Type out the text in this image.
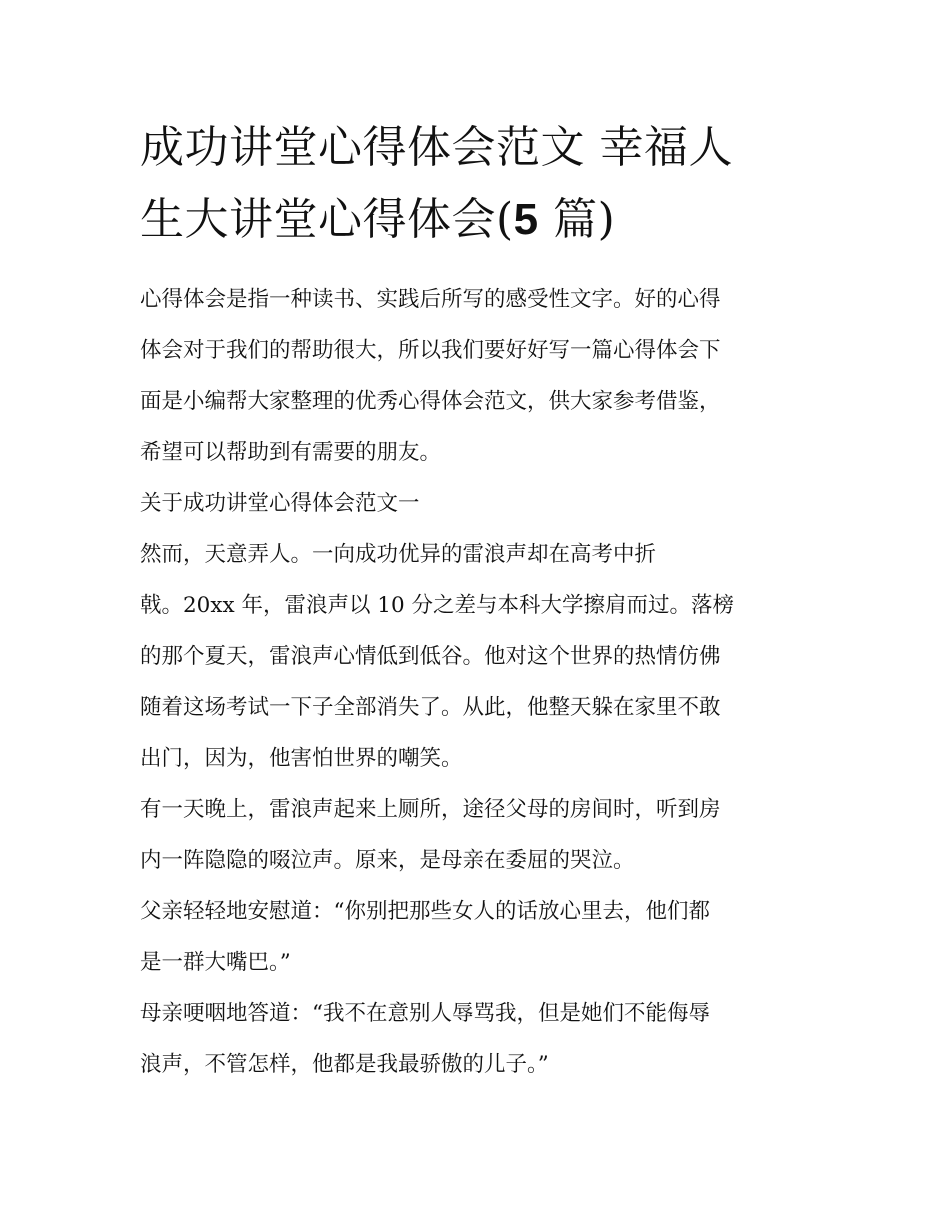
成功讲堂心得体会范文 幸福人
生大讲堂心得体会(5 篇)

心得体会是指一种读书、实践后所写的感受性文字。好的心得
体会对于我们的帮助很大，所以我们要好好写一篇心得体会下
面是小编帮大家整理的优秀心得体会范文，供大家参考借鉴，
希望可以帮助到有需要的朋友。

关于成功讲堂心得体会范文一

然而，天意弄人。一向成功优异的雷浪声却在高考中折
戟。20xx 年，雷浪声以 10 分之差与本科大学擦肩而过。落榜
的那个夏天，雷浪声心情低到低谷。他对这个世界的热情仿佛
随着这场考试一下子全部消失了。从此，他整天躲在家里不敢
出门，因为，他害怕世界的嘲笑。

有一天晚上，雷浪声起来上厕所，途径父母的房间时，听到房
内一阵隐隐的啜泣声。原来，是母亲在委屈的哭泣。

父亲轻轻地安慰道：“你别把那些女人的话放心里去，他们都
是一群大嘴巴。”

母亲哽咽地答道：“我不在意别人辱骂我，但是她们不能侮辱
浪声，不管怎样，他都是我最骄傲的儿子。”
